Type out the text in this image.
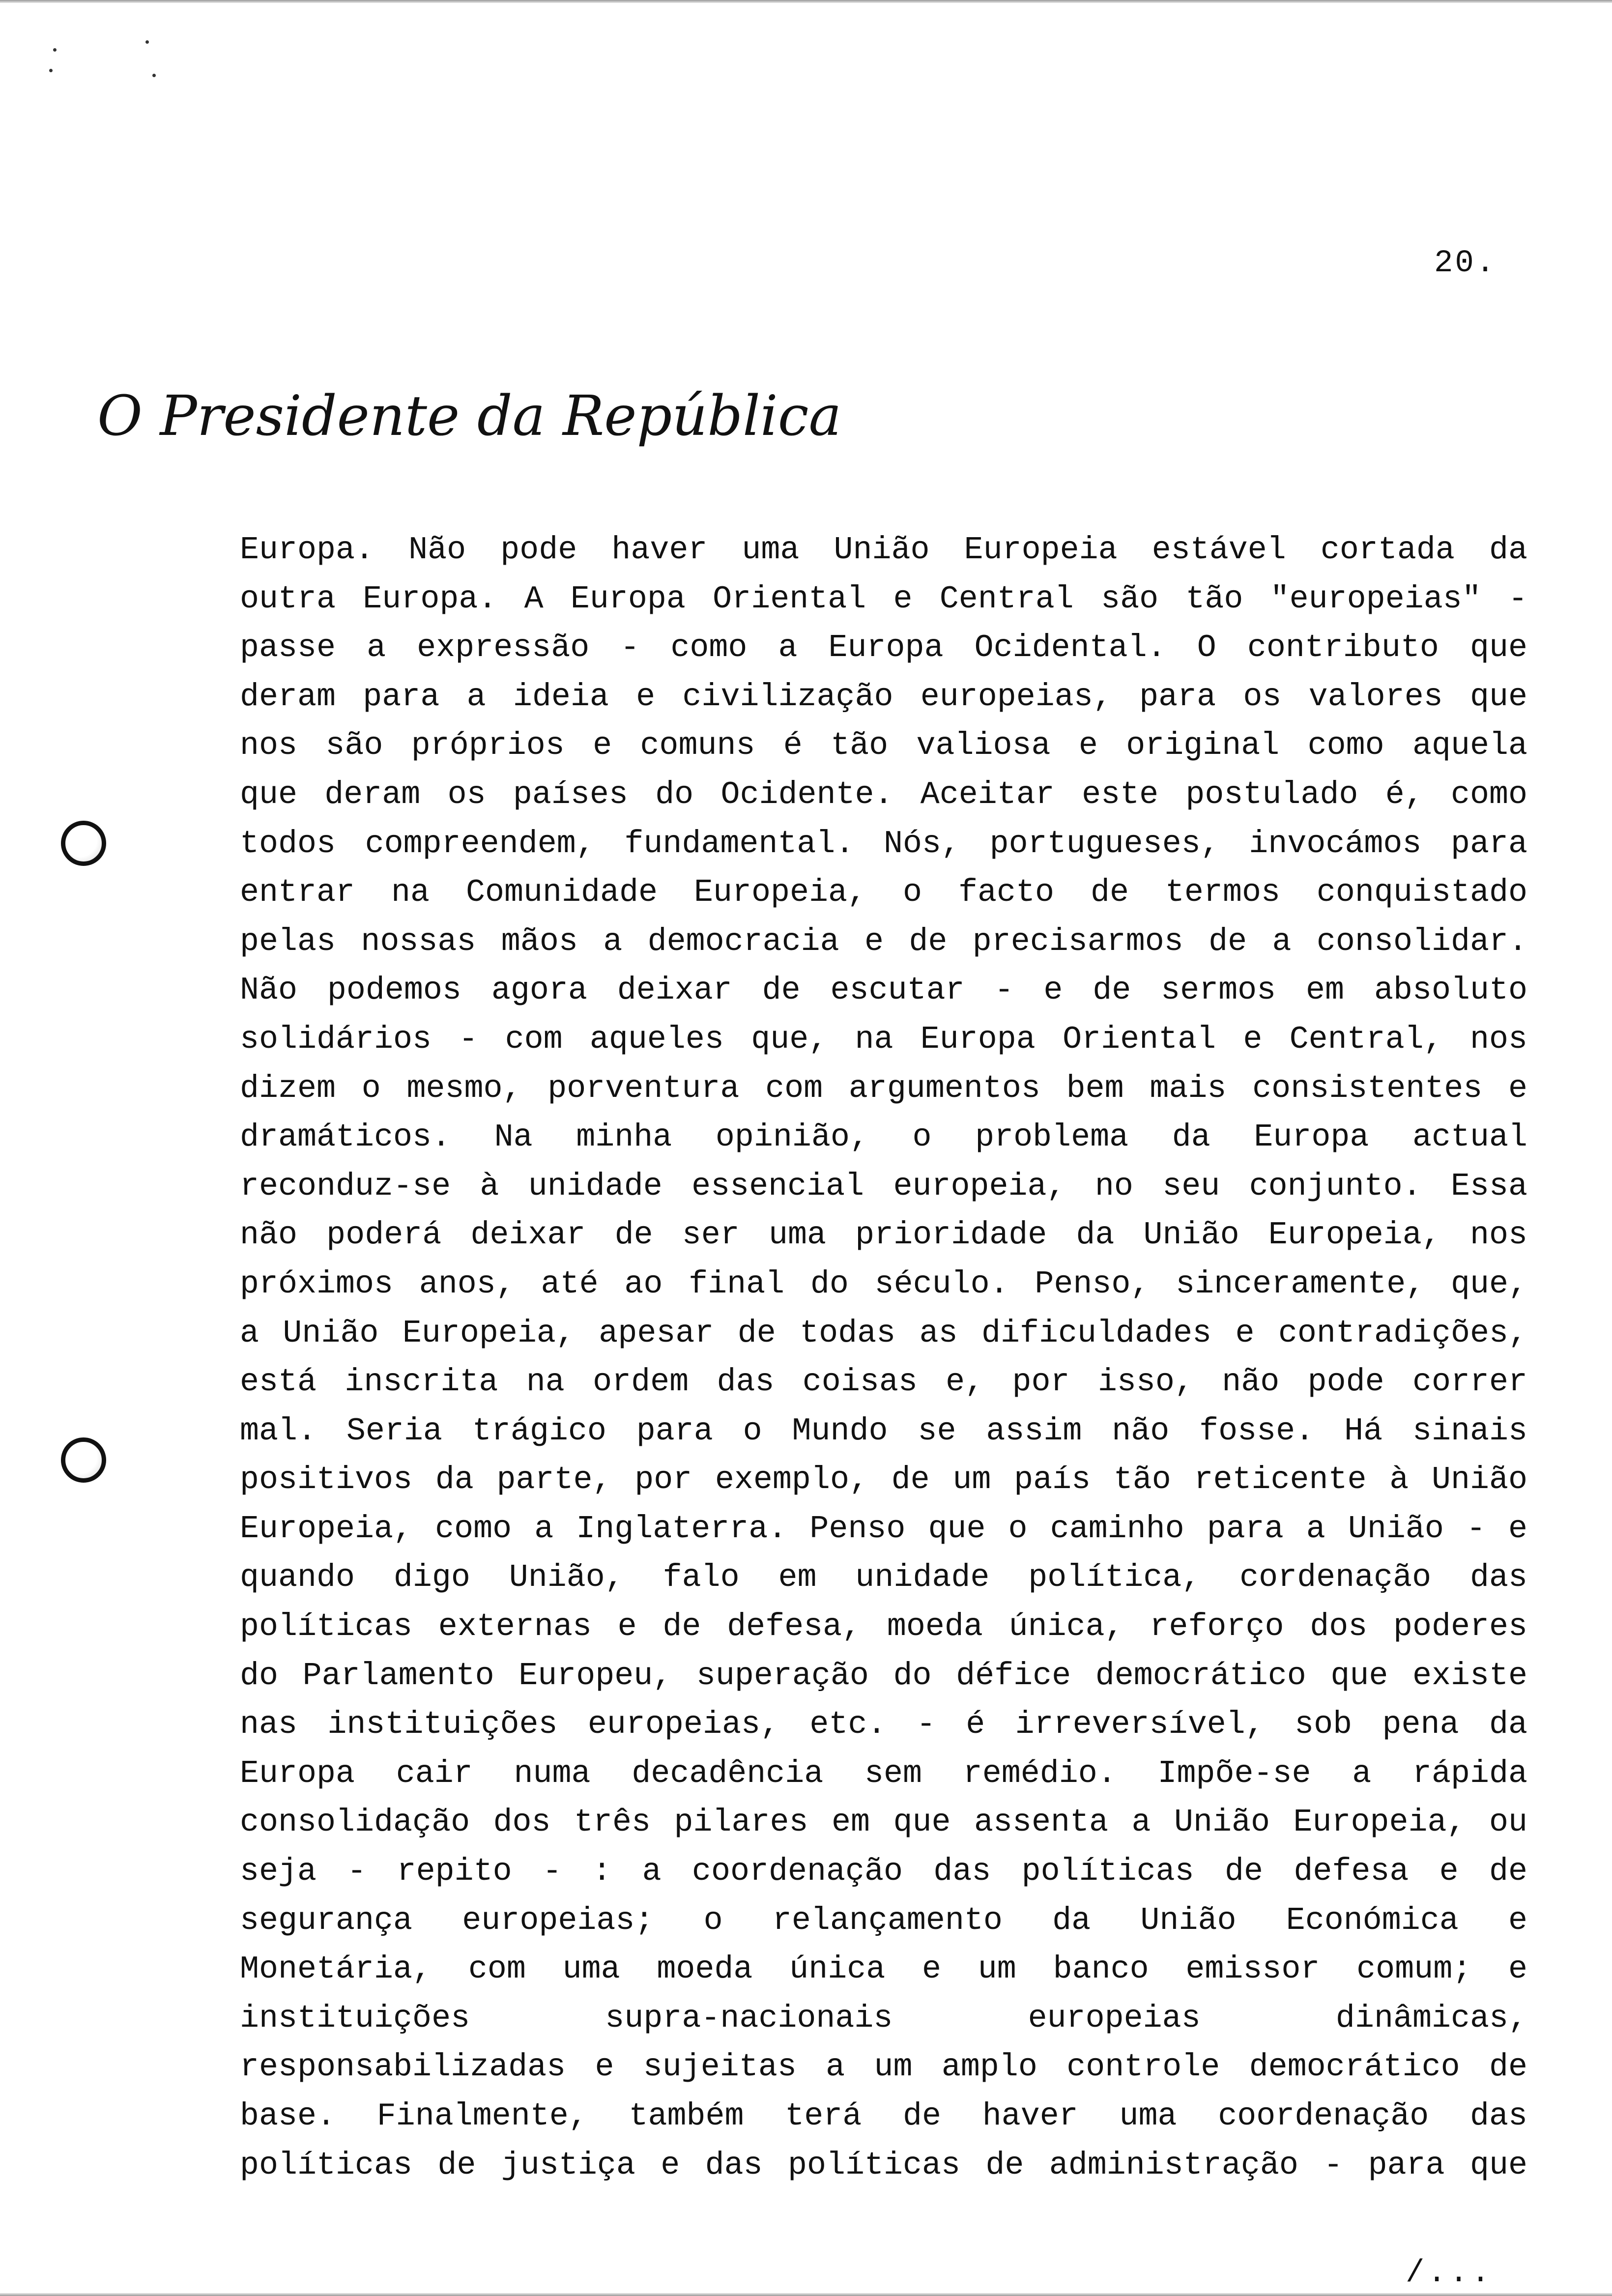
20.
O Presidente da República
Europa. Não pode haver uma União Europeia estável cortada da
outra Europa. A Europa Oriental e Central são tão "europeias" -
passe a expressão - como a Europa Ocidental. O contributo que
deram para a ideia e civilização europeias, para os valores que
nos são próprios e comuns é tão valiosa e original como aquela
que deram os países do Ocidente. Aceitar este postulado é, como
todos compreendem, fundamental. Nós, portugueses, invocámos para
entrar na Comunidade Europeia, o facto de termos conquistado
pelas nossas mãos a democracia e de precisarmos de a consolidar.
Não podemos agora deixar de escutar - e de sermos em absoluto
solidários - com aqueles que, na Europa Oriental e Central, nos
dizem o mesmo, porventura com argumentos bem mais consistentes e
dramáticos. Na minha opinião, o problema da Europa actual
reconduz-se à unidade essencial europeia, no seu conjunto. Essa
não poderá deixar de ser uma prioridade da União Europeia, nos
próximos anos, até ao final do século. Penso, sinceramente, que,
a União Europeia, apesar de todas as dificuldades e contradições,
está inscrita na ordem das coisas e, por isso, não pode correr
mal. Seria trágico para o Mundo se assim não fosse. Há sinais
positivos da parte, por exemplo, de um país tão reticente à União
Europeia, como a Inglaterra. Penso que o caminho para a União - e
quando digo União, falo em unidade política, cordenação das
políticas externas e de defesa, moeda única, reforço dos poderes
do Parlamento Europeu, superação do défice democrático que existe
nas instituições europeias, etc. - é irreversível, sob pena da
Europa cair numa decadência sem remédio. Impõe-se a rápida
consolidação dos três pilares em que assenta a União Europeia, ou
seja - repito - : a coordenação das políticas de defesa e de
segurança europeias; o relançamento da União Económica e
Monetária, com uma moeda única e um banco emissor comum; e
instituições supra-nacionais europeias dinâmicas,
responsabilizadas e sujeitas a um amplo controle democrático de
base. Finalmente, também terá de haver uma coordenação das
políticas de justiça e das políticas de administração - para que
/...
